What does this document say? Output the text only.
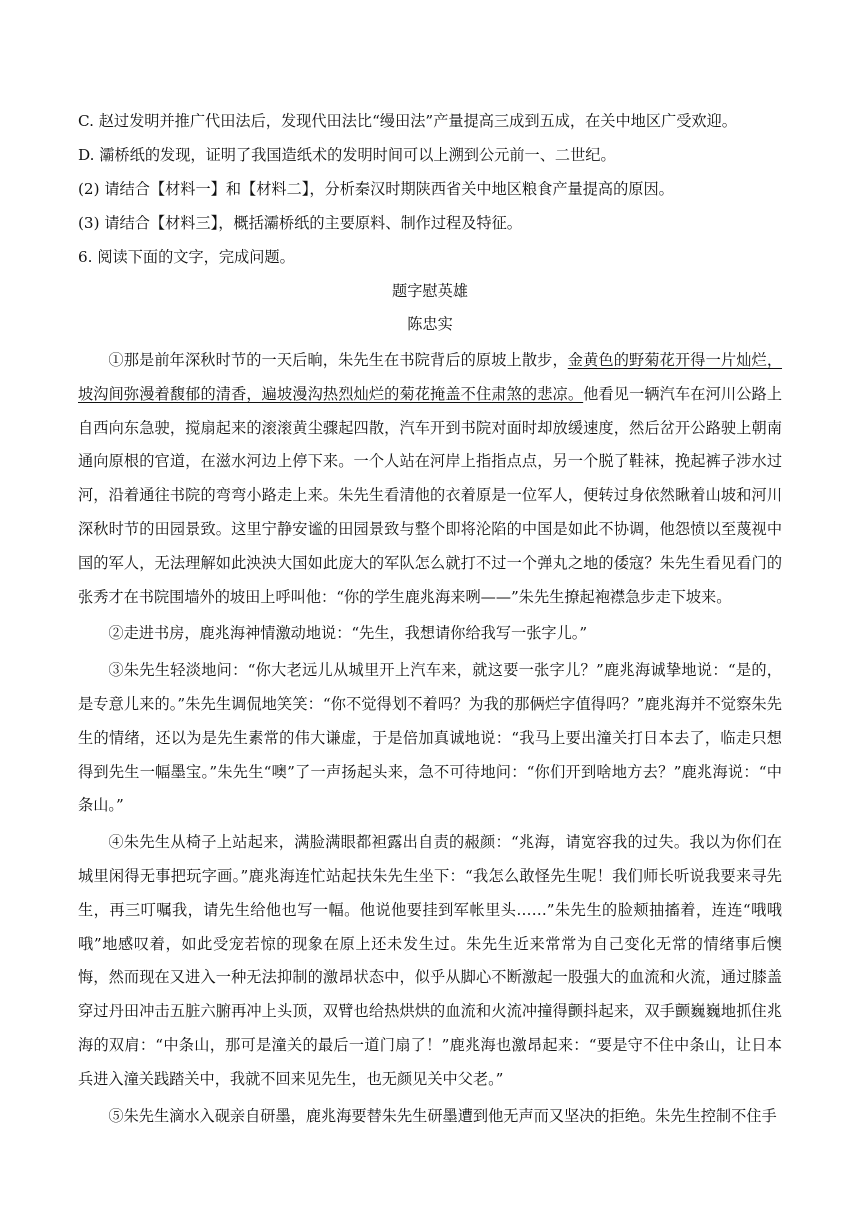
C. 赵过发明并推广代田法后，发现代田法比“缦田法”产量提高三成到五成，在关中地区广受欢迎。

D. 灞桥纸的发现，证明了我国造纸术的发明时间可以上溯到公元前一、二世纪。

(2) 请结合【材料一】和【材料二】，分析秦汉时期陕西省关中地区粮食产量提高的原因。

(3) 请结合【材料三】，概括灞桥纸的主要原料、制作过程及特征。

6. 阅读下面的文字，完成问题。

题字慰英雄

陈忠实

①那是前年深秋时节的一天后晌，朱先生在书院背后的原坡上散步，金黄色的野菊花开得一片灿烂，坡沟间弥漫着馥郁的清香，遍坡漫沟热烈灿烂的菊花掩盖不住肃煞的悲凉。他看见一辆汽车在河川公路上自西向东急驶，搅扇起来的滚滚黄尘骤起四散，汽车开到书院对面时却放缓速度，然后岔开公路驶上朝南通向原根的官道，在滋水河边上停下来。一个人站在河岸上指指点点，另一个脱了鞋袜，挽起裤子涉水过河，沿着通往书院的弯弯小路走上来。朱先生看清他的衣着原是一位军人，便转过身依然瞅着山坡和河川深秋时节的田园景致。这里宁静安谧的田园景致与整个即将沦陷的中国是如此不协调，他怨愤以至蔑视中国的军人，无法理解如此泱泱大国如此庞大的军队怎么就打不过一个弹丸之地的倭寇？朱先生看见看门的张秀才在书院围墙外的坡田上呼叫他：“你的学生鹿兆海来咧——”朱先生撩起袍襟急步走下坡来。

②走进书房，鹿兆海神情激动地说：“先生，我想请你给我写一张字儿。”

③朱先生轻淡地问：“你大老远儿从城里开上汽车来，就这要一张字儿？”鹿兆海诚挚地说：“是的，是专意儿来的。”朱先生调侃地笑笑：“你不觉得划不着吗？为我的那俩烂字值得吗？”鹿兆海并不觉察朱先生的情绪，还以为是先生素常的伟大谦虚，于是倍加真诚地说：“我马上要出潼关打日本去了，临走只想得到先生一幅墨宝。”朱先生“噢”了一声扬起头来，急不可待地问：“你们开到啥地方去？”鹿兆海说：“中条山。”

④朱先生从椅子上站起来，满脸满眼都袒露出自责的赧颜：“兆海，请宽容我的过失。我以为你们在城里闲得无事把玩字画。”鹿兆海连忙站起扶朱先生坐下：“我怎么敢怪先生呢！我们师长听说我要来寻先生，再三叮嘱我，请先生给他也写一幅。他说他要挂到军帐里头……”朱先生的脸颊抽搐着，连连“哦哦哦”地感叹着，如此受宠若惊的现象在原上还未发生过。朱先生近来常常为自己变化无常的情绪事后懊悔，然而现在又进入一种无法抑制的激昂状态中，似乎从脚心不断激起一股强大的血流和火流，通过膝盖穿过丹田冲击五脏六腑再冲上头顶，双臂也给热烘烘的血流和火流冲撞得颤抖起来，双手颤巍巍地抓住兆海的双肩：“中条山，那可是潼关的最后一道门扇了！”鹿兆海也激昂起来：“要是守不住中条山，让日本兵进入潼关践踏关中，我就不回来见先生，也无颜见关中父老。”

⑤朱先生滴水入砚亲自研墨，鹿兆海要替朱先生研墨遭到他无声而又坚决的拒绝。朱先生控制不住手
